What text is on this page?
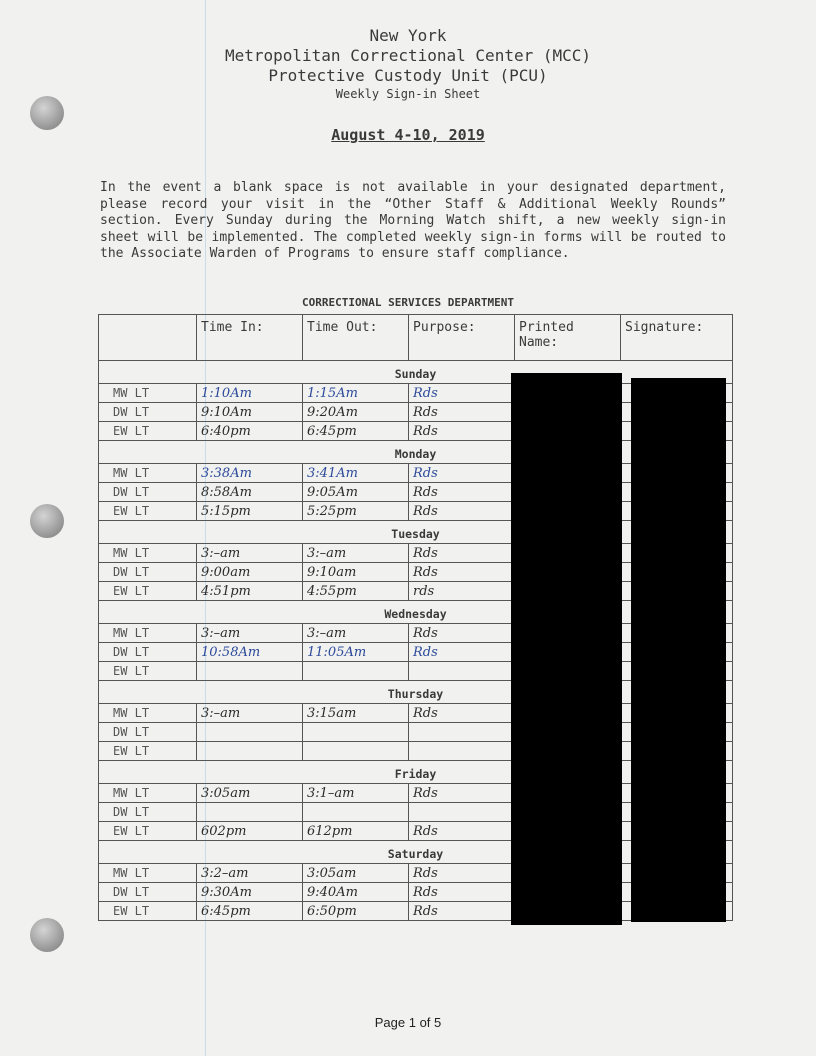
New York
Metropolitan Correctional Center (MCC)
Protective Custody Unit (PCU)
Weekly Sign-in Sheet
August 4-10, 2019
In the event a blank space is not available in your designated department, please record your visit in the “Other Staff & Additional Weekly Rounds” section. Every Sunday during the Morning Watch shift, a new weekly sign-in sheet will be implemented. The completed weekly sign-in forms will be routed to the Associate Warden of Programs to ensure staff compliance.
CORRECTIONAL SERVICES DEPARTMENT
	Time In:	Time Out:	Purpose:	Printed Name:	Signature:
Sunday					
MW LT	1:10Am	1:15Am	Rds		
DW LT	9:10Am	9:20Am	Rds		
EW LT	6:40pm	6:45pm	Rds		
Monday					
MW LT	3:38Am	3:41Am	Rds		
DW LT	8:58Am	9:05Am	Rds		
EW LT	5:15pm	5:25pm	Rds		
Tuesday					
MW LT	3:–am	3:–am	Rds		
DW LT	9:00am	9:10am	Rds		
EW LT	4:51pm	4:55pm	rds		
Wednesday					
MW LT	3:–am	3:–am	Rds		
DW LT	10:58Am	11:05Am	Rds		
EW LT					
Thursday					
MW LT	3:–am	3:15am	Rds		
DW LT					
EW LT					
Friday					
MW LT	3:05am	3:1–am	Rds		
DW LT					
EW LT	602pm	612pm	Rds		
Saturday					
MW LT	3:2–am	3:05am	Rds		
DW LT	9:30Am	9:40Am	Rds		
EW LT	6:45pm	6:50pm	Rds		
Page 1 of 5
